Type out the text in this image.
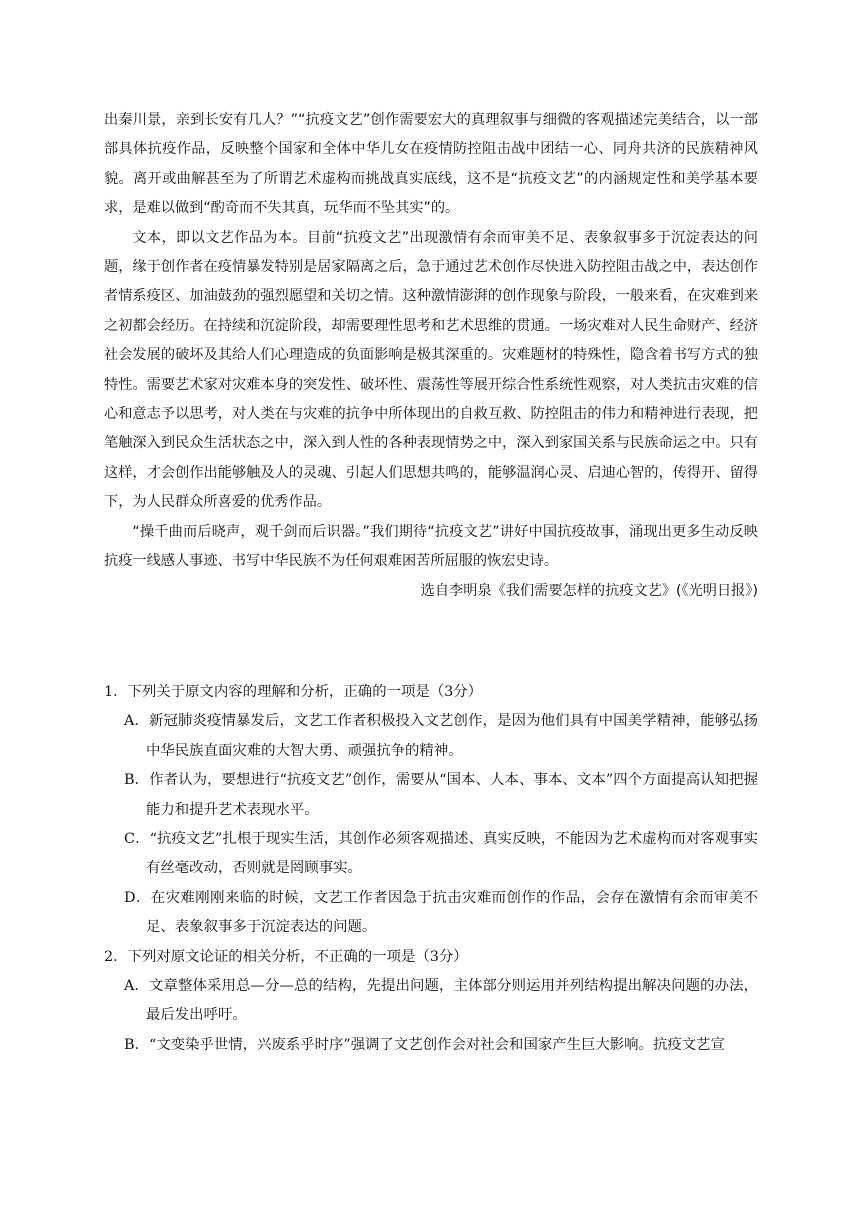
出秦川景，亲到长安有几人？”“抗疫文艺”创作需要宏大的真理叙事与细微的客观描述完美结合，以一部部具体抗疫作品，反映整个国家和全体中华儿女在疫情防控阻击战中团结一心、同舟共济的民族精神风貌。离开或曲解甚至为了所谓艺术虚构而挑战真实底线，这不是“抗疫文艺”的内涵规定性和美学基本要求，是难以做到“酌奇而不失其真，玩华而不坠其实”的。

文本，即以文艺作品为本。目前“抗疫文艺”出现激情有余而审美不足、表象叙事多于沉淀表达的问题，缘于创作者在疫情暴发特别是居家隔离之后，急于通过艺术创作尽快进入防控阻击战之中，表达创作者情系疫区、加油鼓劲的强烈愿望和关切之情。这种激情澎湃的创作现象与阶段，一般来看，在灾难到来之初都会经历。在持续和沉淀阶段，却需要理性思考和艺术思维的贯通。一场灾难对人民生命财产、经济社会发展的破坏及其给人们心理造成的负面影响是极其深重的。灾难题材的特殊性，隐含着书写方式的独特性。需要艺术家对灾难本身的突发性、破坏性、震荡性等展开综合性系统性观察，对人类抗击灾难的信心和意志予以思考，对人类在与灾难的抗争中所体现出的自救互救、防控阻击的伟力和精神进行表现，把笔触深入到民众生活状态之中，深入到人性的各种表现情势之中，深入到家国关系与民族命运之中。只有这样，才会创作出能够触及人的灵魂、引起人们思想共鸣的，能够温润心灵、启迪心智的，传得开、留得下，为人民群众所喜爱的优秀作品。

“操千曲而后晓声，观千剑而后识器。”我们期待“抗疫文艺”讲好中国抗疫故事，涌现出更多生动反映抗疫一线感人事迹、书写中华民族不为任何艰难困苦所屈服的恢宏史诗。

选自李明泉《我们需要怎样的抗疫文艺》(《光明日报》)

1．下列关于原文内容的理解和分析，正确的一项是（3分）

A．新冠肺炎疫情暴发后，文艺工作者积极投入文艺创作，是因为他们具有中国美学精神，能够弘扬中华民族直面灾难的大智大勇、顽强抗争的精神。

B．作者认为，要想进行“抗疫文艺”创作，需要从“国本、人本、事本、文本”四个方面提高认知把握能力和提升艺术表现水平。

C．“抗疫文艺”扎根于现实生活，其创作必须客观描述、真实反映，不能因为艺术虚构而对客观事实有丝毫改动，否则就是罔顾事实。

D．在灾难刚刚来临的时候，文艺工作者因急于抗击灾难而创作的作品，会存在激情有余而审美不足、表象叙事多于沉淀表达的问题。

2．下列对原文论证的相关分析，不正确的一项是（3分）

A．文章整体采用总—分—总的结构，先提出问题，主体部分则运用并列结构提出解决问题的办法，最后发出呼吁。

B．“文变染乎世情，兴废系乎时序”强调了文艺创作会对社会和国家产生巨大影响。抗疫文艺宣
